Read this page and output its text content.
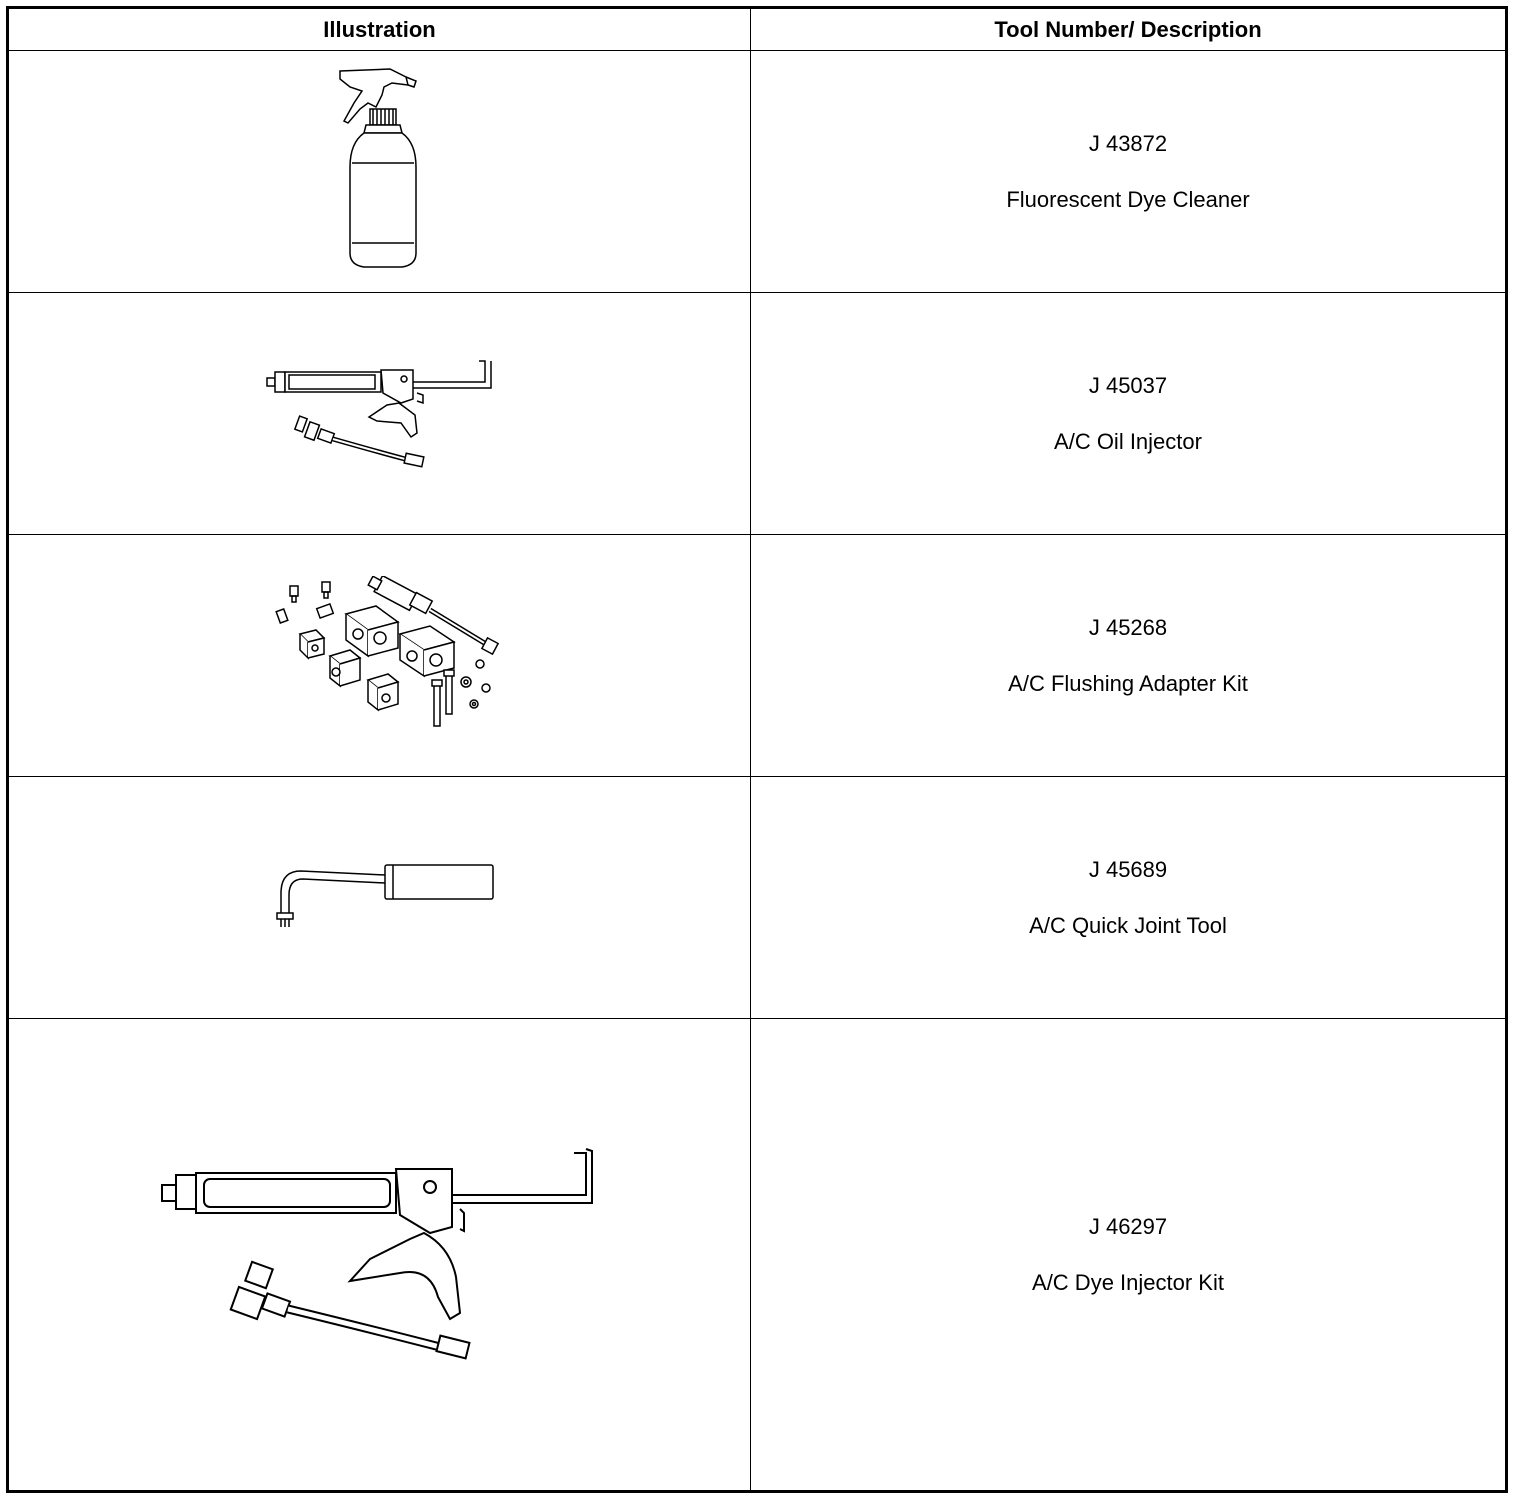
Illustration	Tool Number/ Description

J 43872
Fluorescent Dye Cleaner

J 45037
A/C Oil Injector

J 45268
A/C Flushing Adapter Kit

J 45689
A/C Quick Joint Tool

J 46297
A/C Dye Injector Kit
